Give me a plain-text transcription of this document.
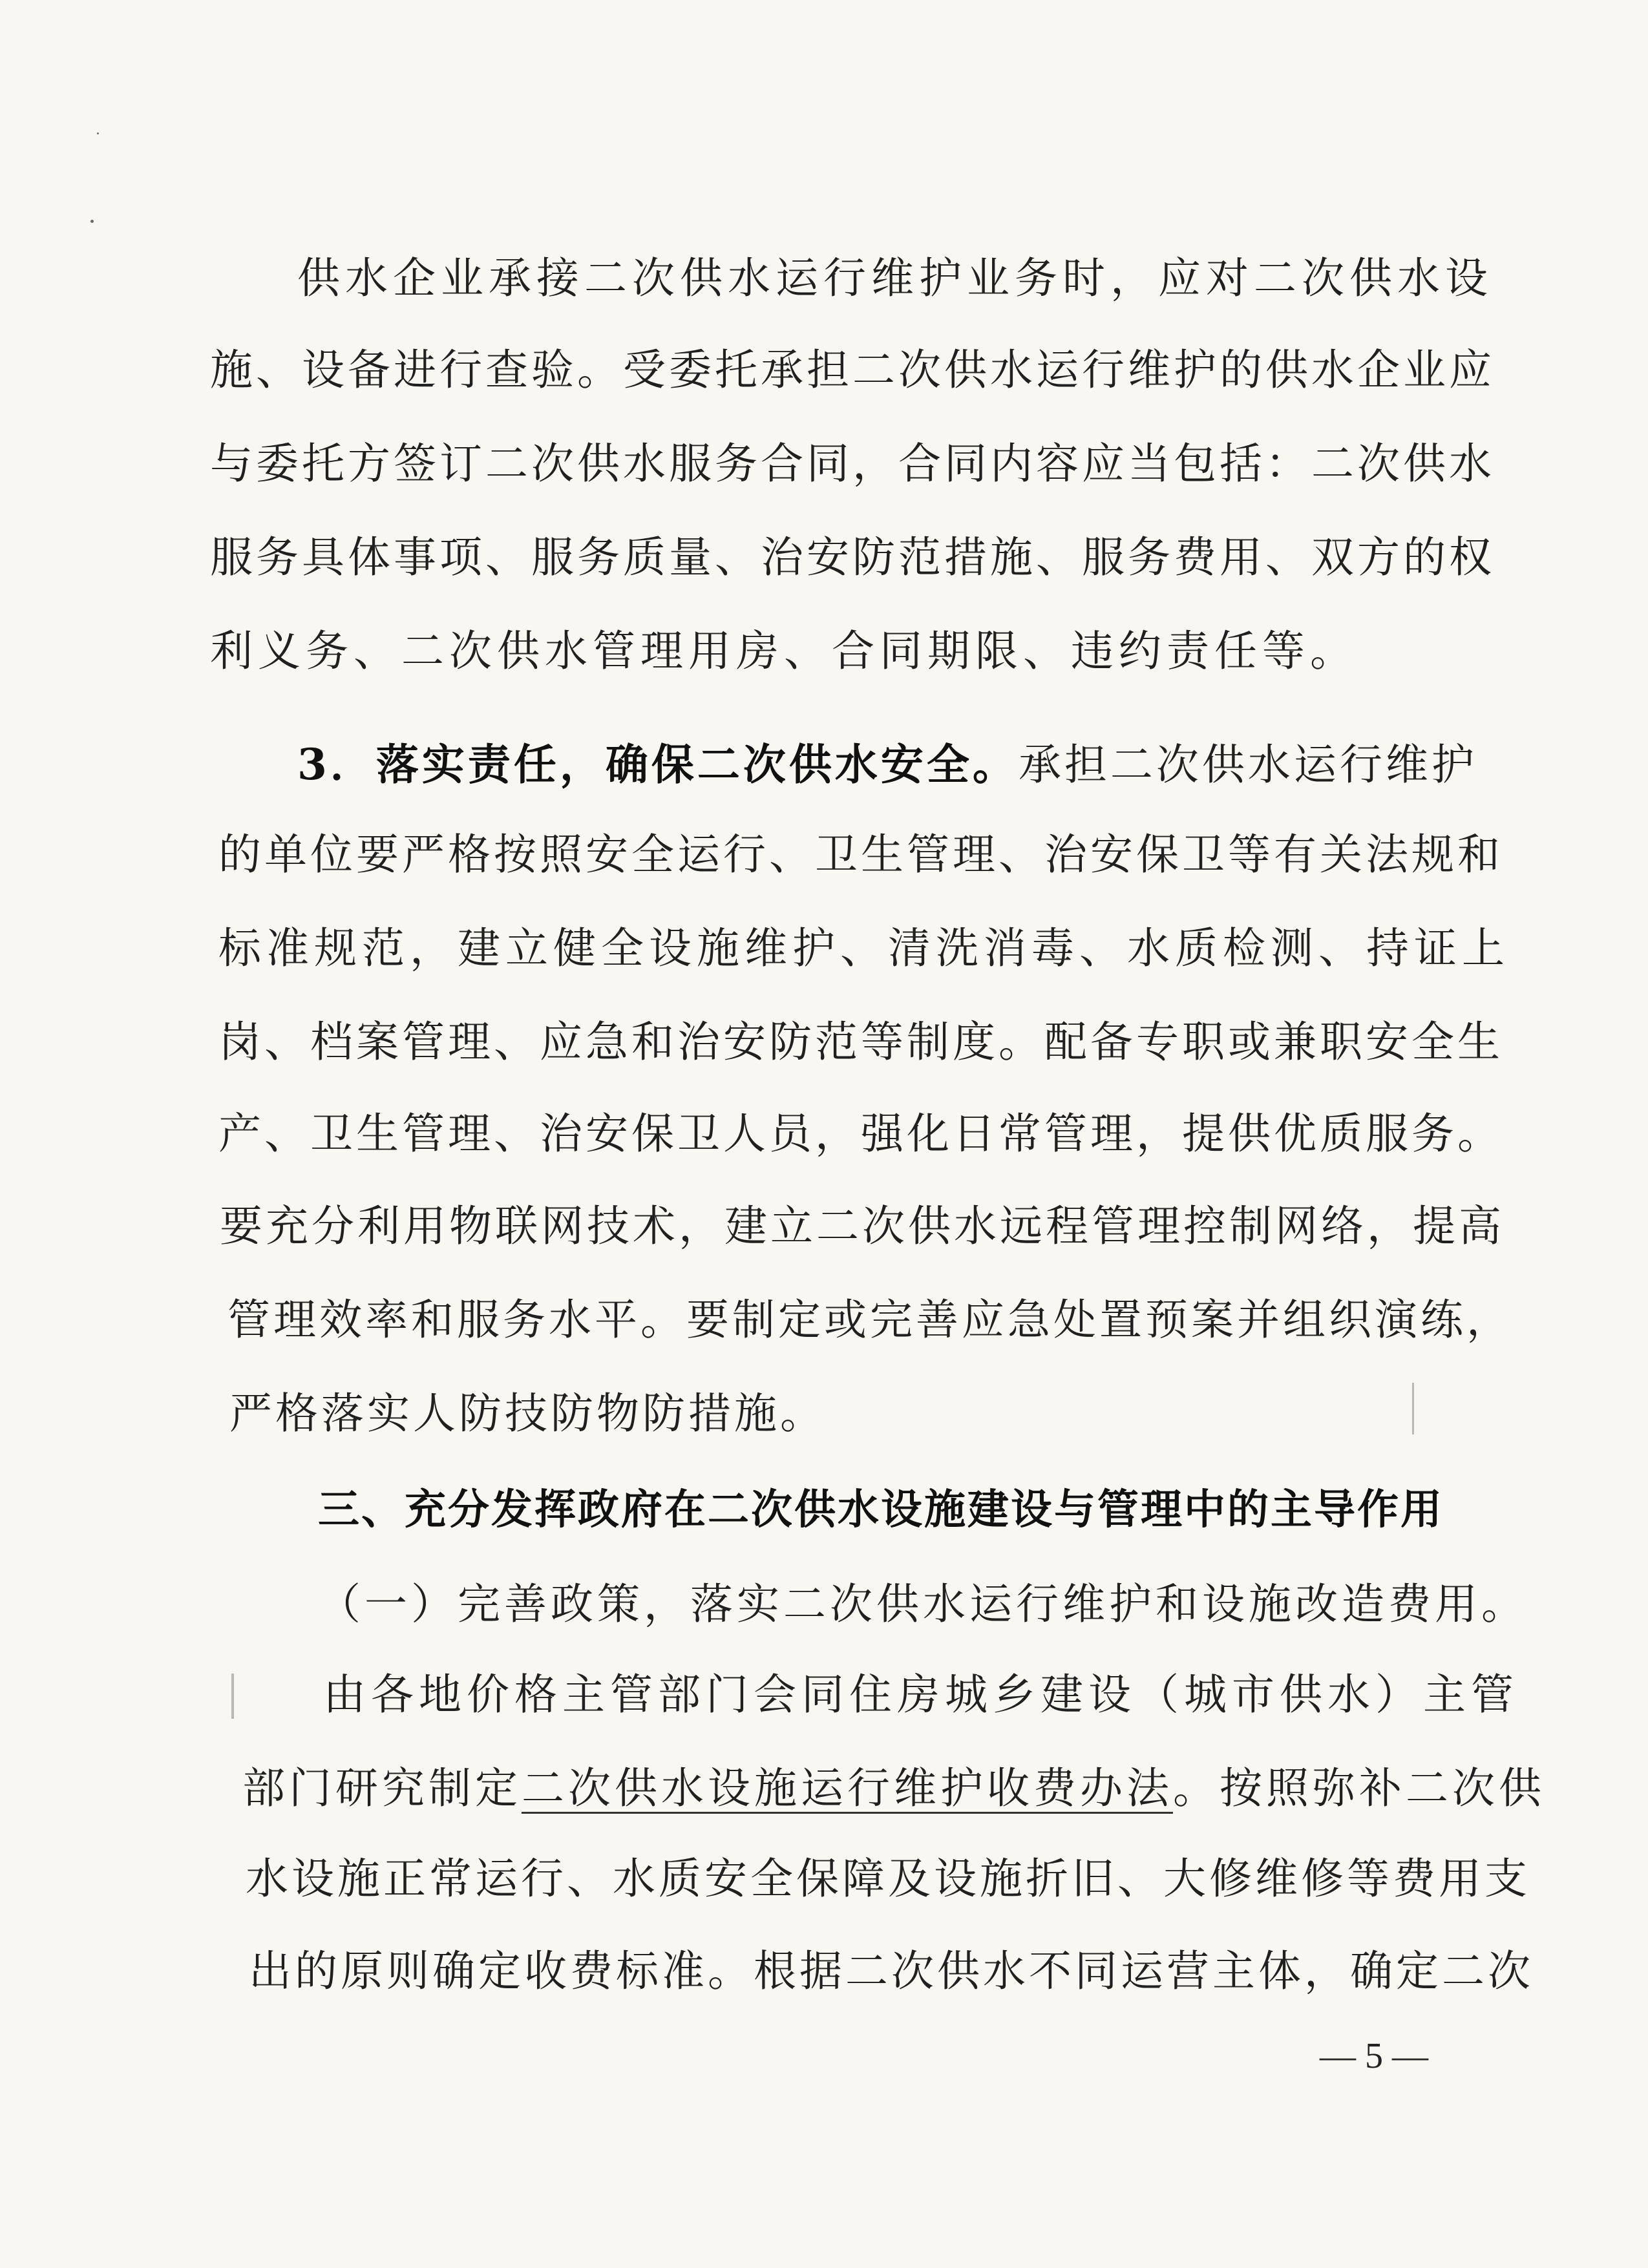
供水企业承接二次供水运行维护业务时，应对二次供水设
施、设备进行查验。受委托承担二次供水运行维护的供水企业应
与委托方签订二次供水服务合同，合同内容应当包括：二次供水
服务具体事项、服务质量、治安防范措施、服务费用、双方的权
利义务、二次供水管理用房、合同期限、违约责任等。
3．落实责任，确保二次供水安全。承担二次供水运行维护
的单位要严格按照安全运行、卫生管理、治安保卫等有关法规和
标准规范，建立健全设施维护、清洗消毒、水质检测、持证上
岗、档案管理、应急和治安防范等制度。配备专职或兼职安全生
产、卫生管理、治安保卫人员，强化日常管理，提供优质服务。
要充分利用物联网技术，建立二次供水远程管理控制网络，提高
管理效率和服务水平。要制定或完善应急处置预案并组织演练，
严格落实人防技防物防措施。
三、充分发挥政府在二次供水设施建设与管理中的主导作用
（一）完善政策，落实二次供水运行维护和设施改造费用。
由各地价格主管部门会同住房城乡建设（城市供水）主管
部门研究制定二次供水设施运行维护收费办法。按照弥补二次供
水设施正常运行、水质安全保障及设施折旧、大修维修等费用支
出的原则确定收费标准。根据二次供水不同运营主体，确定二次
— 5 —
